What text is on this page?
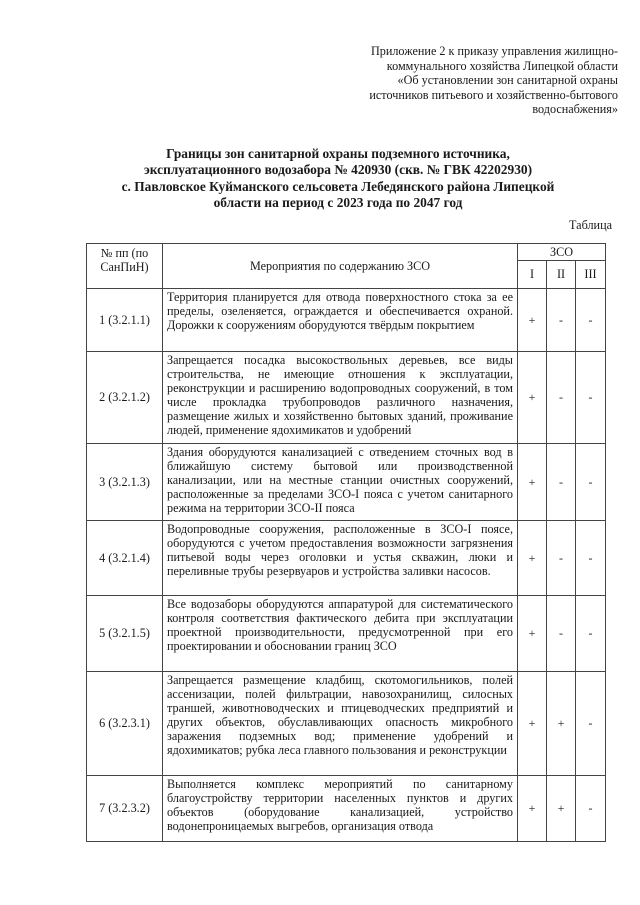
Приложение 2 к приказу управления жилищно-
коммунального хозяйства Липецкой области
«Об установлении зон санитарной охраны
источников питьевого и хозяйственно-бытового
водоснабжения»
Границы зон санитарной охраны подземного источника,
эксплуатационного водозабора № 420930 (скв. № ГВК 42202930)
с. Павловское Куйманского сельсовета Лебедянского района Липецкой
области на период с 2023 года по 2047 год
Таблица
№ пп (по СанПиН)	Мероприятия по содержанию ЗСО	ЗСО		
		I	II	III
1 (3.2.1.1)	Территория планируется для отвода поверхностного стока за ее пределы, озеленяется, ограждается и обеспечивается охраной. Дорожки к сооружениям оборудуются твёрдым покрытием	+	-	-
2 (3.2.1.2)	Запрещается посадка высокоствольных деревьев, все виды строительства, не имеющие отношения к эксплуатации, реконструкции и расширению водопроводных сооружений, в том числе прокладка трубопроводов различного назначения, размещение жилых и хозяйственно бытовых зданий, проживание людей, применение ядохимикатов и удобрений	+	-	-
3 (3.2.1.3)	Здания оборудуются канализацией с отведением сточных вод в ближайшую систему бытовой или производственной канализации, или на местные станции очистных сооружений, расположенные за пределами ЗСО-I пояса с учетом санитарного режима на территории ЗСО-II пояса	+	-	-
4 (3.2.1.4)	Водопроводные сооружения, расположенные в ЗСО-I поясе, оборудуются с учетом предоставления возможности загрязнения питьевой воды через оголовки и устья скважин, люки и переливные трубы резервуаров и устройства заливки насосов.	+	-	-
5 (3.2.1.5)	Все водозаборы оборудуются аппаратурой для систематического контроля соответствия фактического дебита при эксплуатации проектной производительности, предусмотренной при его проектировании и обосновании границ ЗСО	+	-	-
6 (3.2.3.1)	Запрещается размещение кладбищ, скотомогильников, полей ассенизации, полей фильтрации, навозохранилищ, силосных траншей, животноводческих и птицеводческих предприятий и других объектов, обуславливающих опасность микробного заражения подземных вод; применение удобрений и ядохимикатов; рубка леса главного пользования и реконструкции	+	+	-
7 (3.2.3.2)	Выполняется комплекс мероприятий по санитарному благоустройству территории населенных пунктов и других объектов (оборудование канализацией, устройство водонепроницаемых выгребов, организация отвода	+	+	-
